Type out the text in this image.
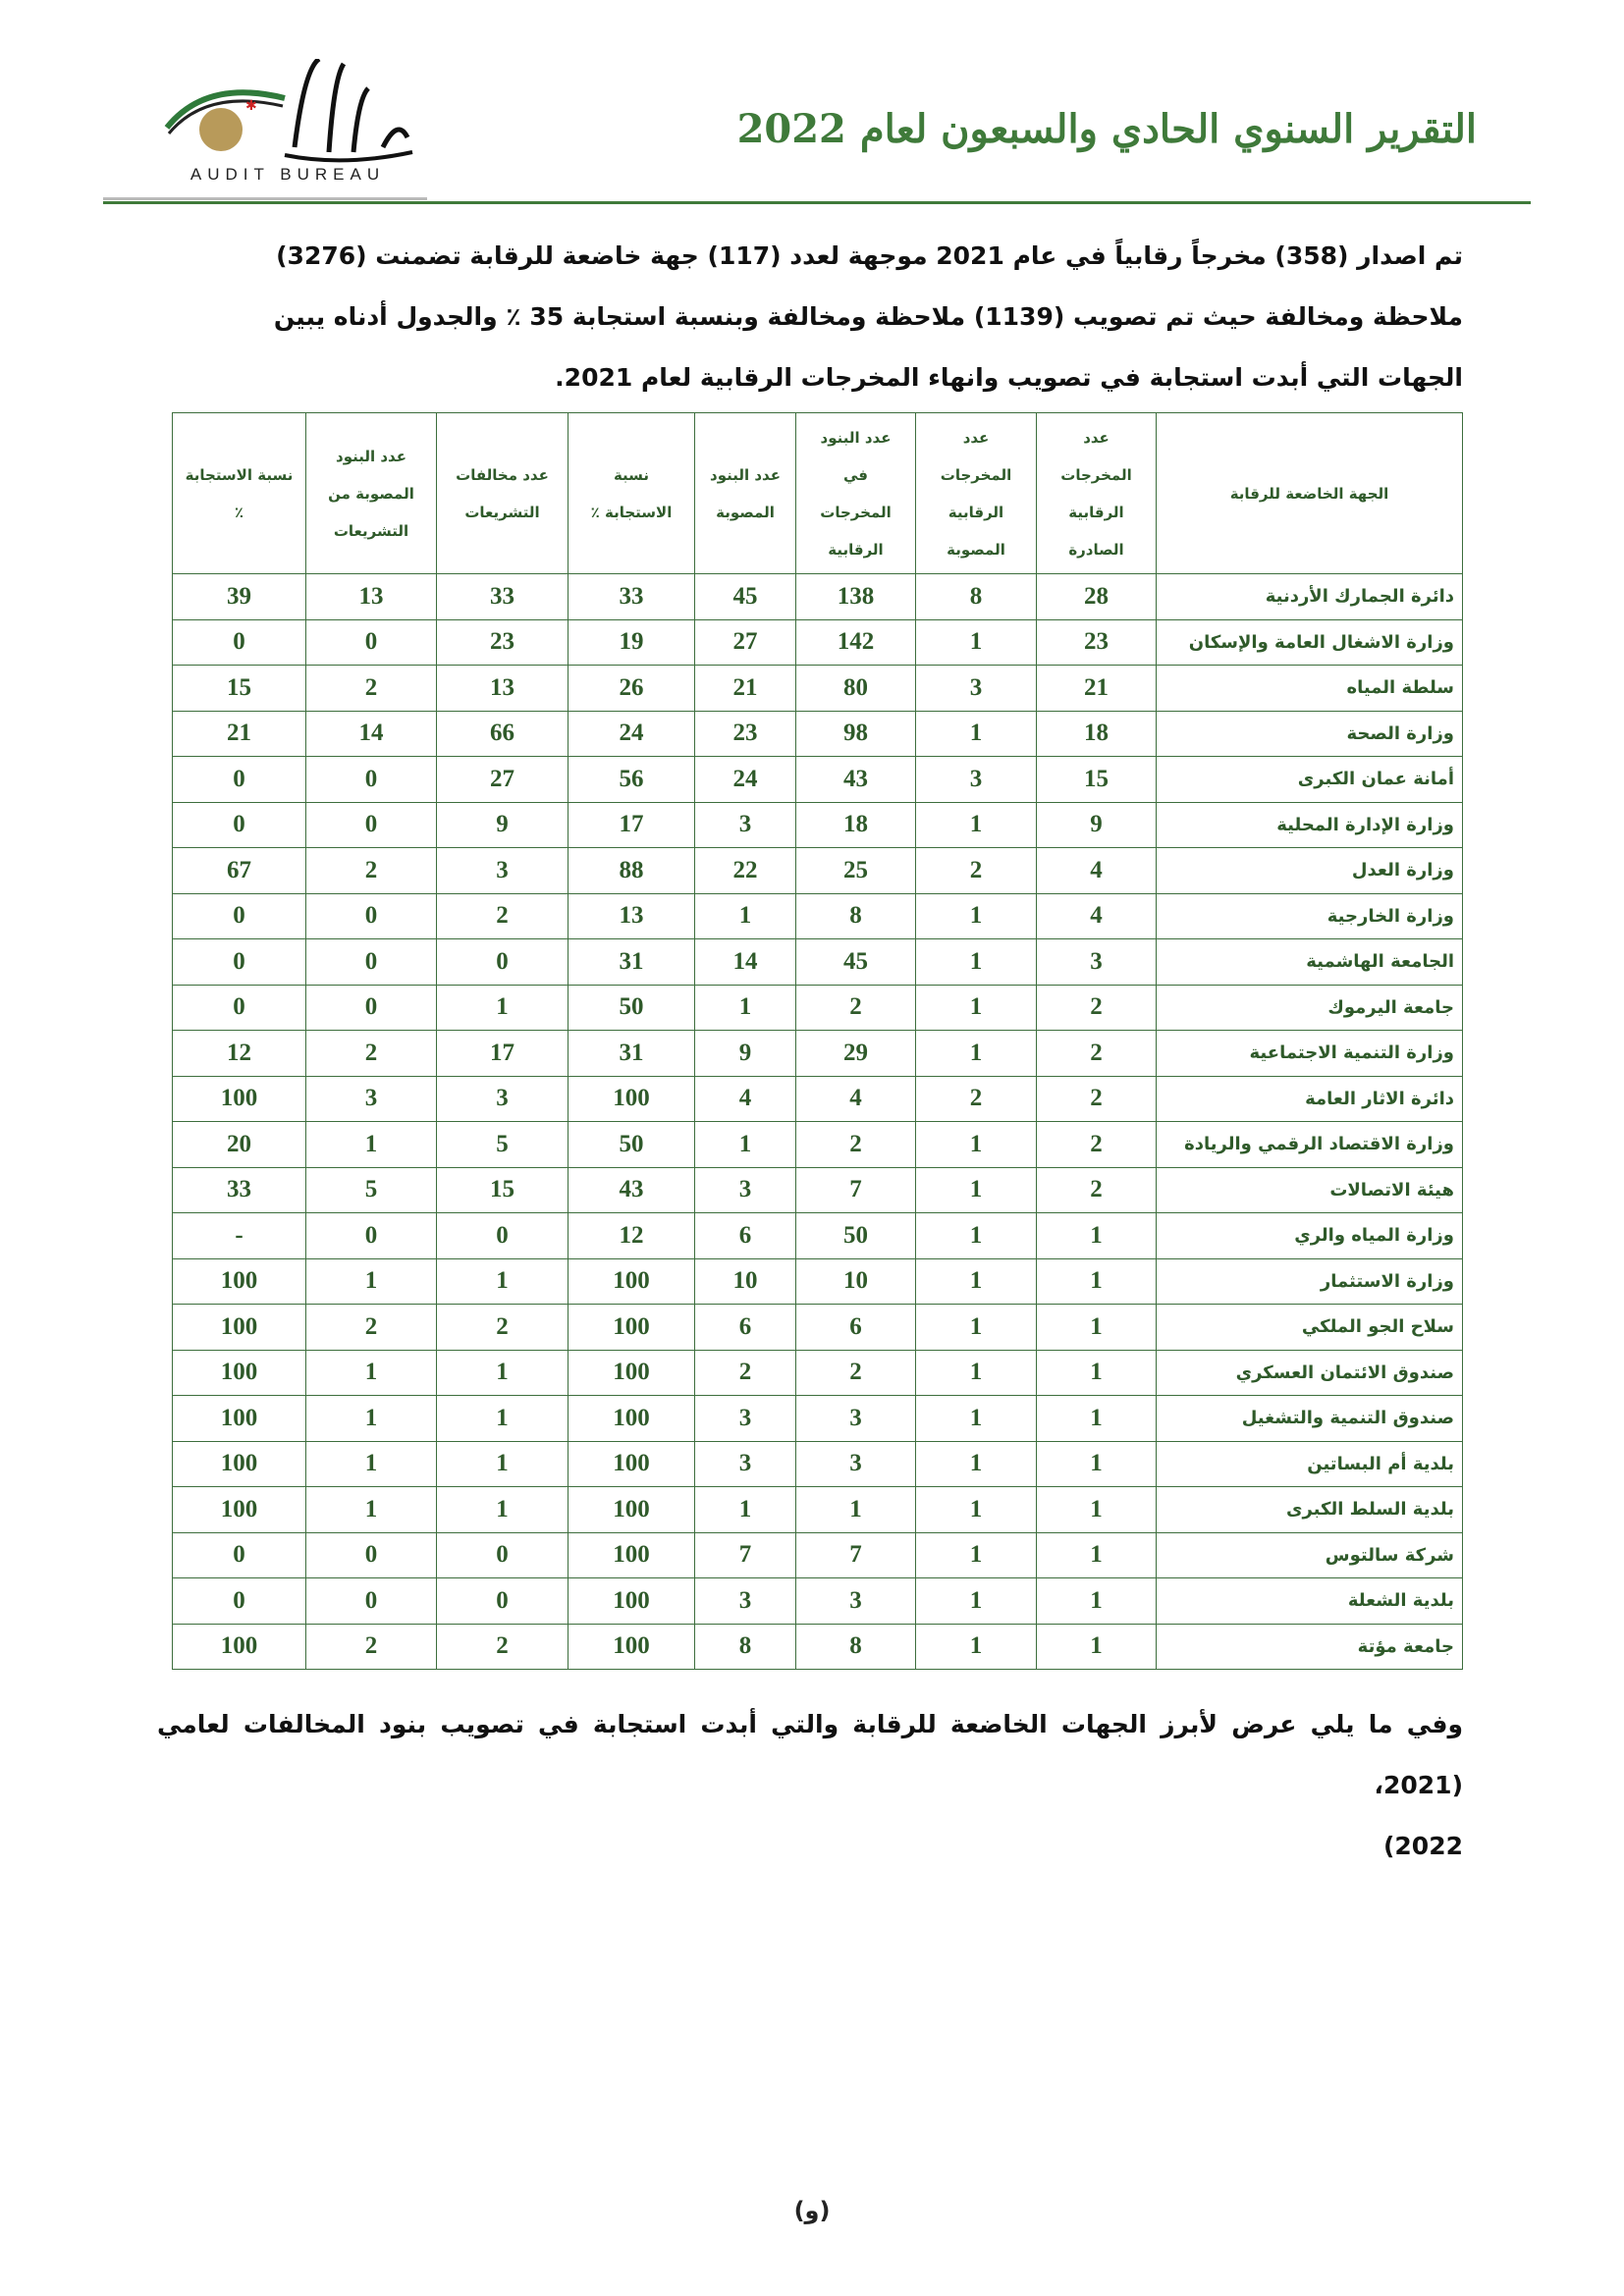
✱
AUDIT BUREAU
التقرير السنوي الحادي والسبعون لعام 2022
تم اصدار (358) مخرجاً رقابياً في عام 2021 موجهة لعدد (117) جهة خاضعة للرقابة تضمنت (3276)
ملاحظة ومخالفة حيث تم تصويب (1139) ملاحظة ومخالفة وبنسبة استجابة 35 ٪ والجدول أدناه يبين
الجهات التي أبدت استجابة في تصويب وانهاء المخرجات الرقابية لعام 2021.
الجهة الخاضعة للرقابة	عدد المخرجات الرقابية الصادرة	عدد المخرجات الرقابية المصوبة	عدد البنود في المخرجات الرقابية	عدد البنود المصوبة	نسبة الاستجابة ٪	عدد مخالفات التشريعات	عدد البنود المصوبة من التشريعات	نسبة الاستجابة ٪
دائرة الجمارك الأردنية	28	8	138	45	33	33	13	39
وزارة الاشغال العامة والإسكان	23	1	142	27	19	23	0	0
سلطة المياه	21	3	80	21	26	13	2	15
وزارة الصحة	18	1	98	23	24	66	14	21
أمانة عمان الكبرى	15	3	43	24	56	27	0	0
وزارة الإدارة المحلية	9	1	18	3	17	9	0	0
وزارة العدل	4	2	25	22	88	3	2	67
وزارة الخارجية	4	1	8	1	13	2	0	0
الجامعة الهاشمية	3	1	45	14	31	0	0	0
جامعة اليرموك	2	1	2	1	50	1	0	0
وزارة التنمية الاجتماعية	2	1	29	9	31	17	2	12
دائرة الاثار العامة	2	2	4	4	100	3	3	100
وزارة الاقتصاد الرقمي والريادة	2	1	2	1	50	5	1	20
هيئة الاتصالات	2	1	7	3	43	15	5	33
وزارة المياه والري	1	1	50	6	12	0	0	-
وزارة الاستثمار	1	1	10	10	100	1	1	100
سلاح الجو الملكي	1	1	6	6	100	2	2	100
صندوق الائتمان العسكري	1	1	2	2	100	1	1	100
صندوق التنمية والتشغيل	1	1	3	3	100	1	1	100
بلدية أم البساتين	1	1	3	3	100	1	1	100
بلدية السلط الكبرى	1	1	1	1	100	1	1	100
شركة سالتوس	1	1	7	7	100	0	0	0
بلدية الشعلة	1	1	3	3	100	0	0	0
جامعة مؤتة	1	1	8	8	100	2	2	100
وفي ما يلي عرض لأبرز الجهات الخاضعة للرقابة والتي أبدت استجابة في تصويب بنود المخالفات لعامي (2021،
2022)
(و)
